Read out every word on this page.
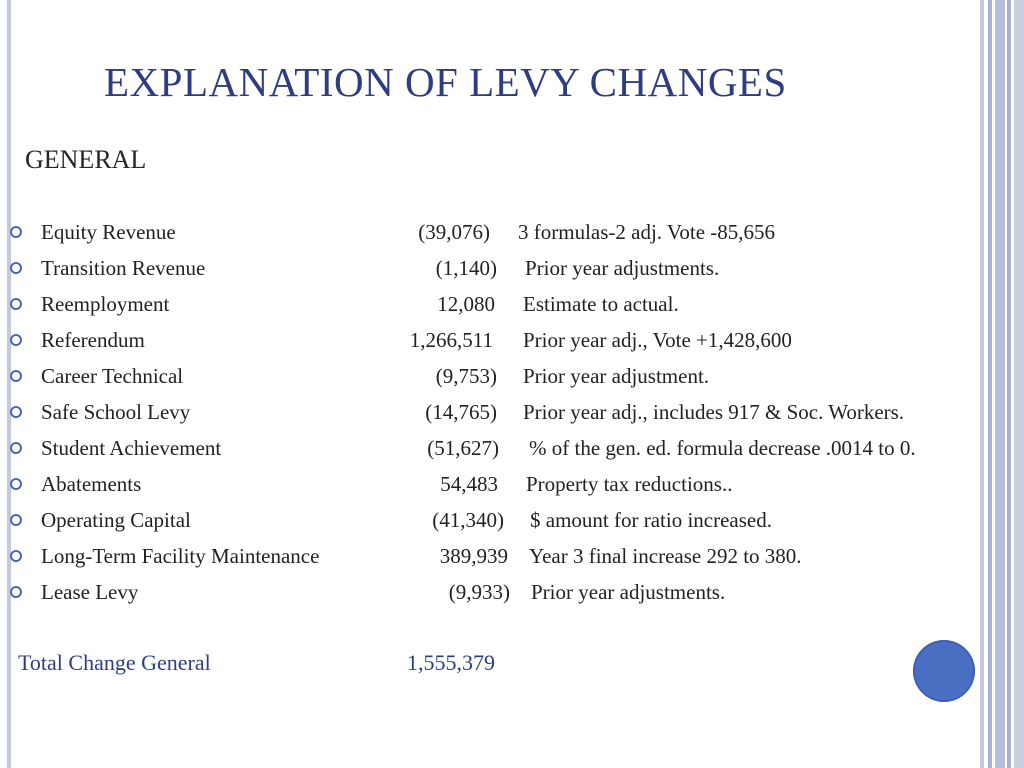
EXPLANATION OF LEVY CHANGES
GENERAL
Equity Revenue	(39,076) 3 formulas-2 adj. Vote -85,656
Transition Revenue	(1,140) Prior year adjustments.
Reemployment	12,080 Estimate to actual.
Referendum	1,266,511 Prior year adj., Vote +1,428,600
Career Technical	(9,753) Prior year adjustment.
Safe School Levy	(14,765) Prior year adj., includes 917 & Soc. Workers.
Student Achievement	(51,627) % of the gen. ed. formula decrease .0014 to 0.
Abatements	54,483 Property tax reductions..
Operating Capital	(41,340) $ amount for ratio increased.
Long-Term Facility Maintenance	389,939 Year 3 final increase 292 to 380.
Lease Levy	(9,933) Prior year adjustments.
Total Change General	1,555,379
